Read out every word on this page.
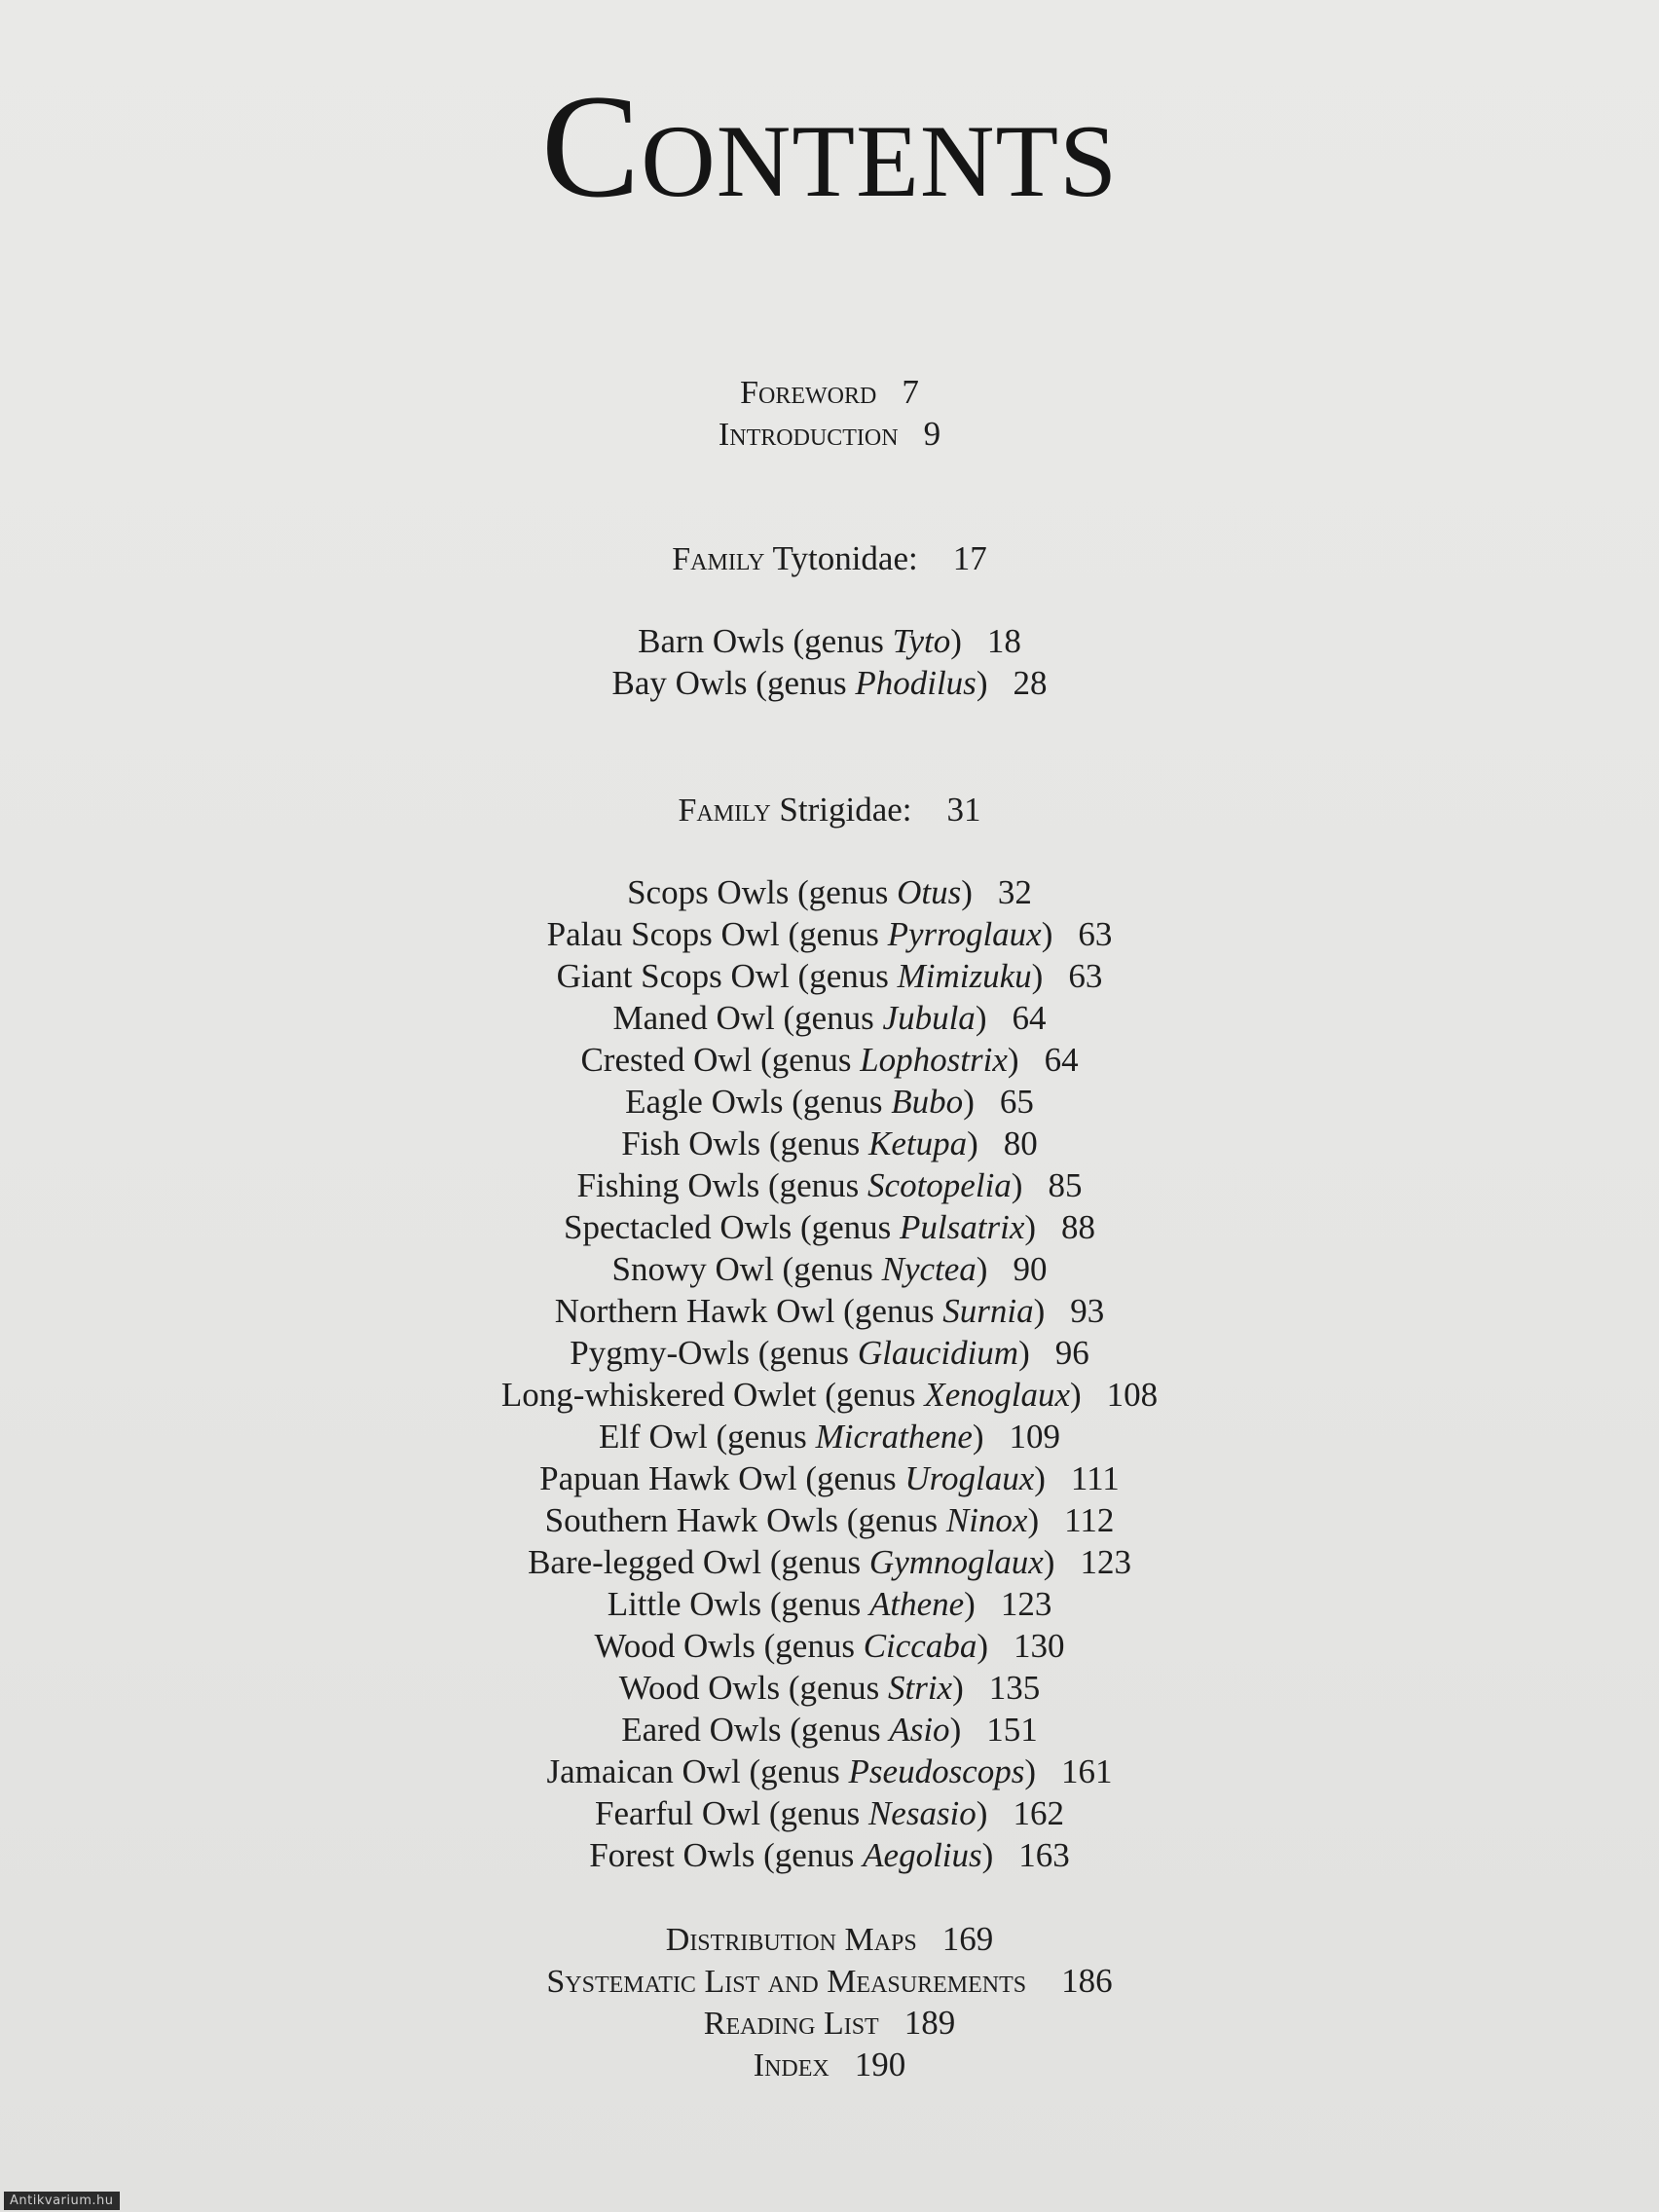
Contents
Foreword 7
Introduction 9
Family Tytonidae: 17
Barn Owls (genus Tyto) 18
Bay Owls (genus Phodilus) 28
Family Strigidae: 31
Scops Owls (genus Otus) 32
Palau Scops Owl (genus Pyrroglaux) 63
Giant Scops Owl (genus Mimizuku) 63
Maned Owl (genus Jubula) 64
Crested Owl (genus Lophostrix) 64
Eagle Owls (genus Bubo) 65
Fish Owls (genus Ketupa) 80
Fishing Owls (genus Scotopelia) 85
Spectacled Owls (genus Pulsatrix) 88
Snowy Owl (genus Nyctea) 90
Northern Hawk Owl (genus Surnia) 93
Pygmy-Owls (genus Glaucidium) 96
Long-whiskered Owlet (genus Xenoglaux) 108
Elf Owl (genus Micrathene) 109
Papuan Hawk Owl (genus Uroglaux) 111
Southern Hawk Owls (genus Ninox) 112
Bare-legged Owl (genus Gymnoglaux) 123
Little Owls (genus Athene) 123
Wood Owls (genus Ciccaba) 130
Wood Owls (genus Strix) 135
Eared Owls (genus Asio) 151
Jamaican Owl (genus Pseudoscops) 161
Fearful Owl (genus Nesasio) 162
Forest Owls (genus Aegolius) 163
Distribution Maps 169
Systematic List and Measurements 186
Reading List 189
Index 190
Antikvarium.hu
